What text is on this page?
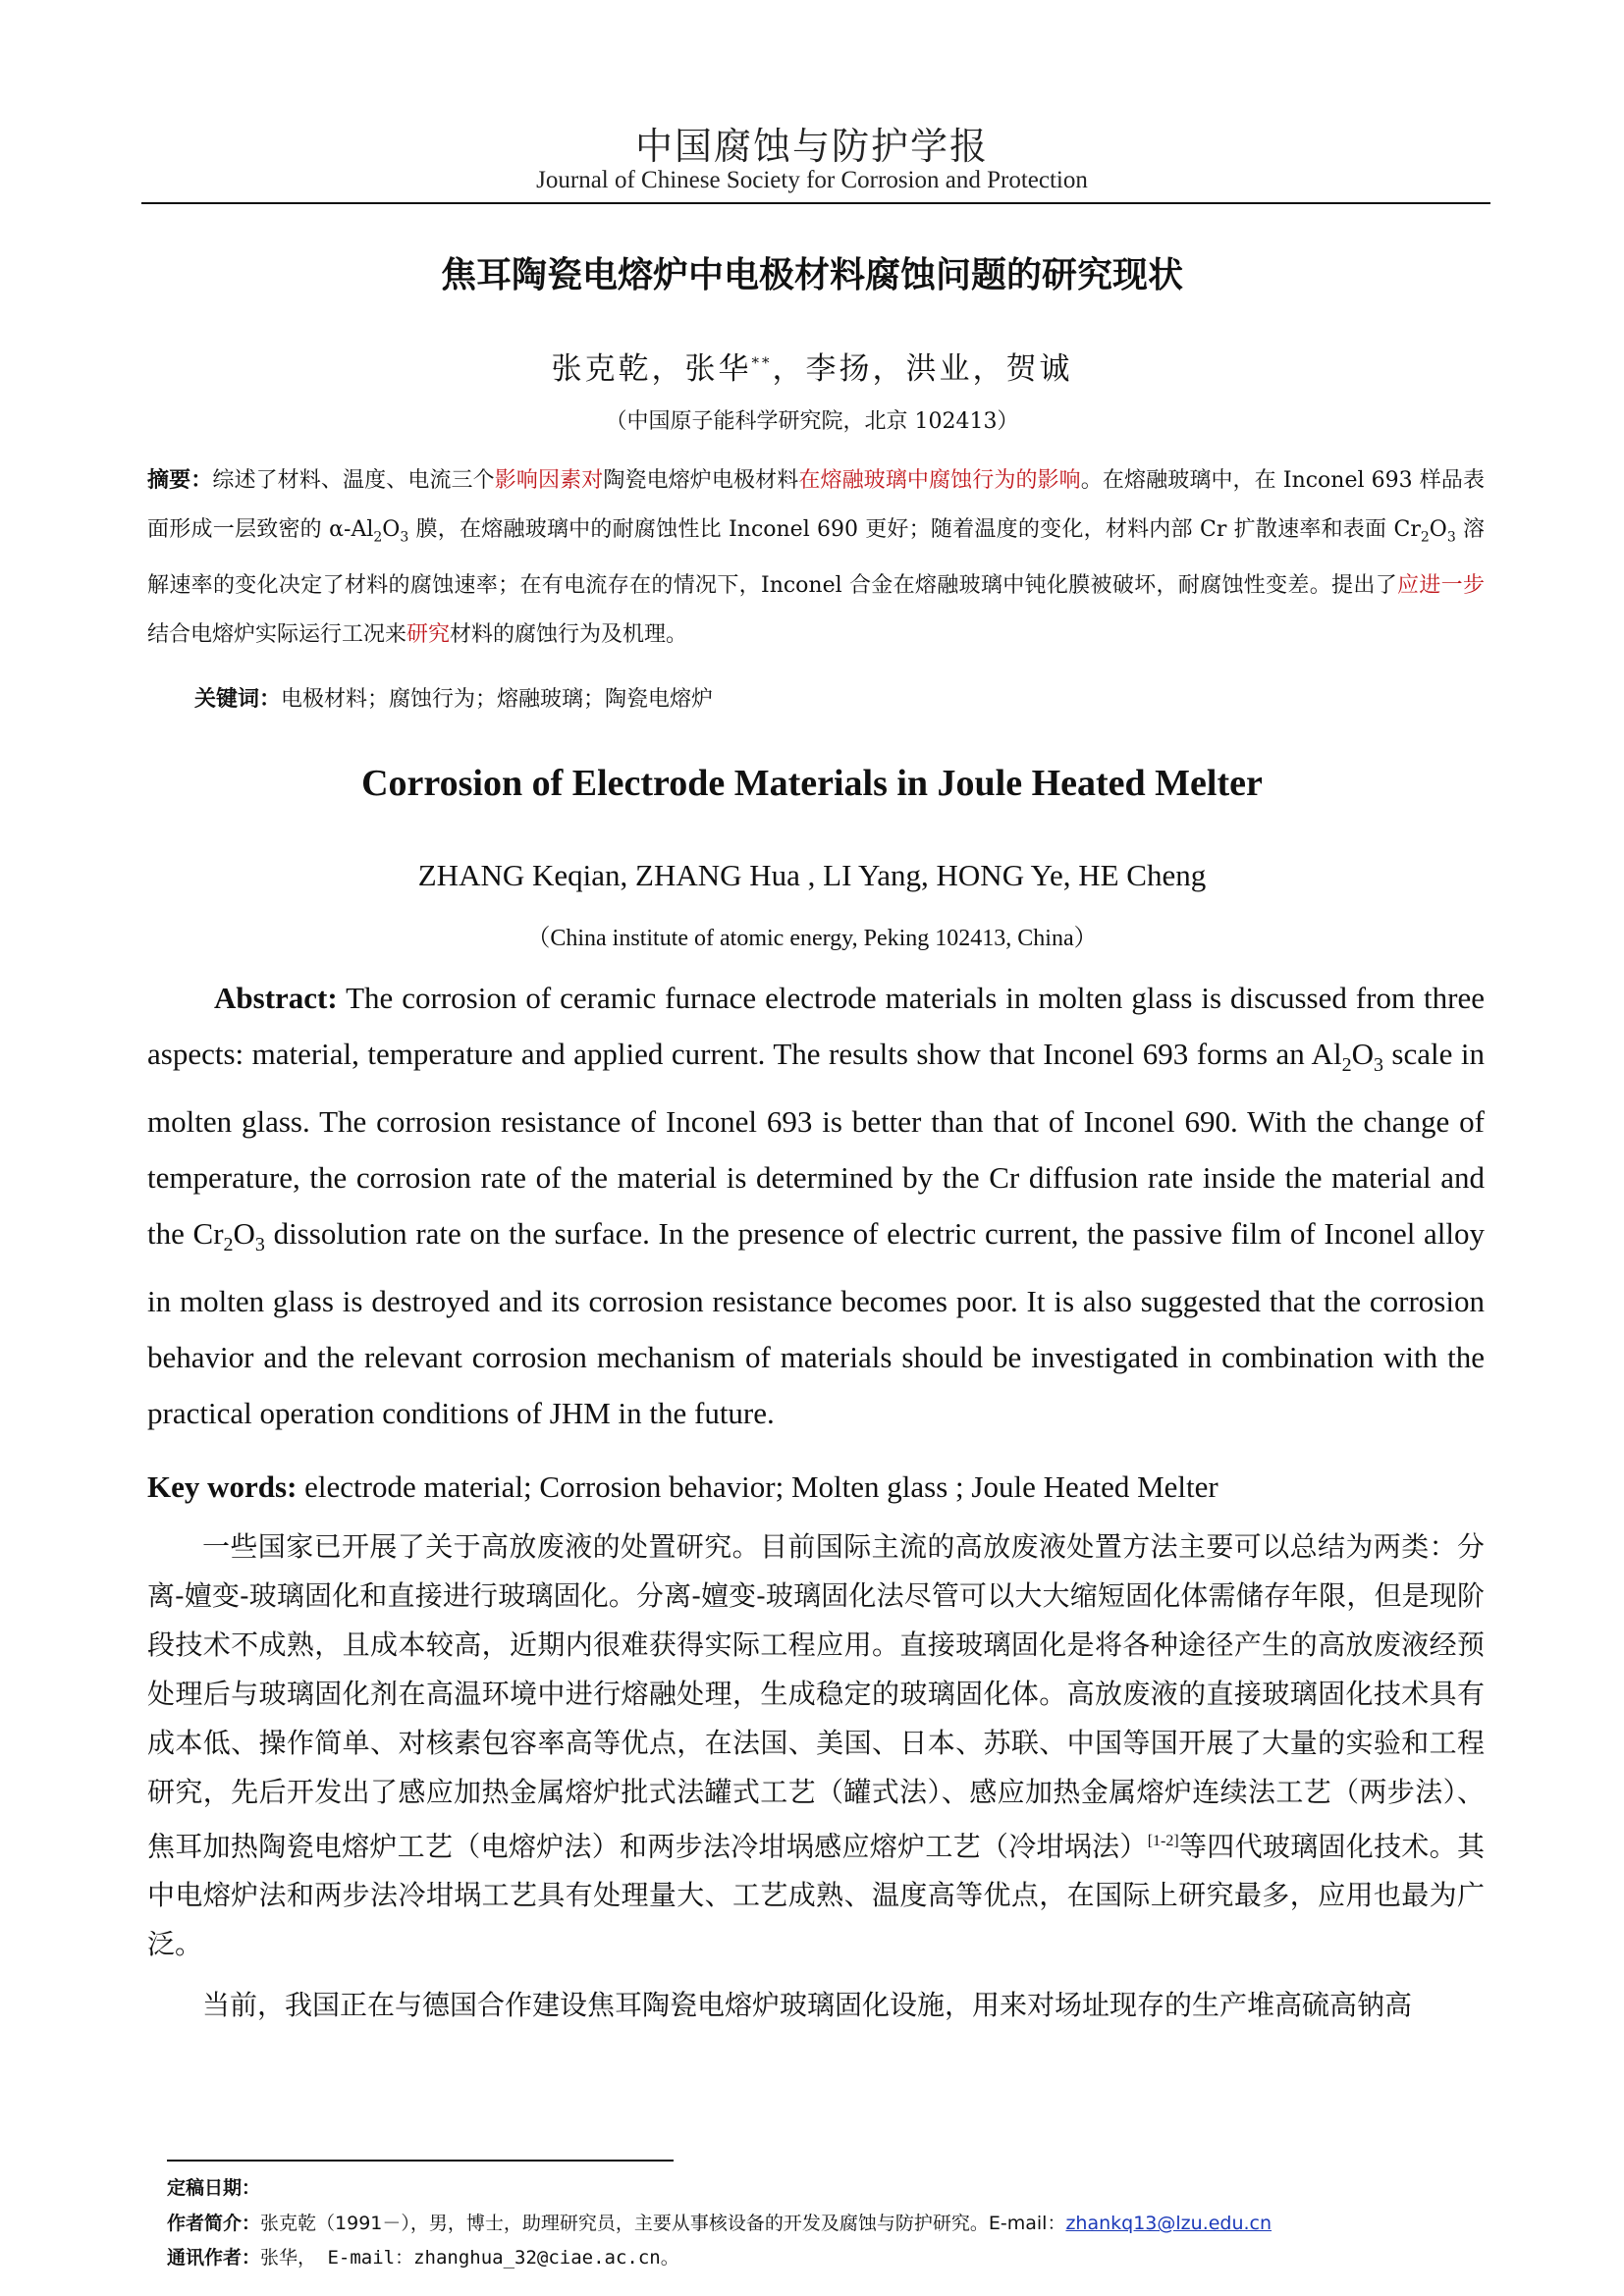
中国腐蚀与防护学报
Journal of Chinese Society for Corrosion and Protection
焦耳陶瓷电熔炉中电极材料腐蚀问题的研究现状
张克乾，张华**，李扬，洪业，贺诚
（中国原子能科学研究院，北京 102413）
摘要：综述了材料、温度、电流三个影响因素对陶瓷电熔炉电极材料在熔融玻璃中腐蚀行为的影响。在熔融玻璃中，在 Inconel 693 样品表面形成一层致密的 $\alpha-Al_2O_3$ 膜，在熔融玻璃中的耐腐蚀性比 Inconel 690 更好；随着温度的变化，材料内部 Cr 扩散速率和表面 $Cr_2O_3$ 溶解速率的变化决定了材料的腐蚀速率；在有电流存在的情况下，Inconel 合金在熔融玻璃中钝化膜被破坏，耐腐蚀性变差。提出了应进一步结合电熔炉实际运行工况来研究材料的腐蚀行为及机理。
关键词：电极材料；腐蚀行为；熔融玻璃；陶瓷电熔炉
Corrosion of Electrode Materials in Joule Heated Melter
ZHANG Keqian, ZHANG Hua , LI Yang, HONG Ye, HE Cheng
（China institute of atomic energy, Peking 102413, China）
Abstract: The corrosion of ceramic furnace electrode materials in molten glass is discussed from three aspects: material, temperature and applied current. The results show that Inconel 693 forms an $Al_2O_3$ scale in molten glass. The corrosion resistance of Inconel 693 is better than that of Inconel 690. With the change of temperature, the corrosion rate of the material is determined by the Cr diffusion rate inside the material and the $Cr_2O_3$ dissolution rate on the surface. In the presence of electric current, the passive film of Inconel alloy in molten glass is destroyed and its corrosion resistance becomes poor. It is also suggested that the corrosion behavior and the relevant corrosion mechanism of materials should be investigated in combination with the practical operation conditions of JHM in the future.
Key words: electrode material; Corrosion behavior; Molten glass ; Joule Heated Melter
一些国家已开展了关于高放废液的处置研究。目前国际主流的高放废液处置方法主要可以总结为两类：分离-嬗变-玻璃固化和直接进行玻璃固化。分离-嬗变-玻璃固化法尽管可以大大缩短固化体需储存年限，但是现阶段技术不成熟，且成本较高，近期内很难获得实际工程应用。直接玻璃固化是将各种途径产生的高放废液经预处理后与玻璃固化剂在高温环境中进行熔融处理，生成稳定的玻璃固化体。高放废液的直接玻璃固化技术具有成本低、操作简单、对核素包容率高等优点，在法国、美国、日本、苏联、中国等国开展了大量的实验和工程研究，先后开发出了感应加热金属熔炉批式法罐式工艺（罐式法）、感应加热金属熔炉连续法工艺（两步法）、焦耳加热陶瓷电熔炉工艺（电熔炉法）和两步法冷坩埚感应熔炉工艺（冷坩埚法）[1-2]等四代玻璃固化技术。其中电熔炉法和两步法冷坩埚工艺具有处理量大、工艺成熟、温度高等优点，在国际上研究最多，应用也最为广泛。
当前，我国正在与德国合作建设焦耳陶瓷电熔炉玻璃固化设施，用来对场址现存的生产堆高硫高钠高
定稿日期：
作者简介：张克乾（1991－），男，博士，助理研究员，主要从事核设备的开发及腐蚀与防护研究。E-mail：zhankq13@lzu.edu.cn
通讯作者：张华， E-mail：zhanghua_32@ciae.ac.cn。
